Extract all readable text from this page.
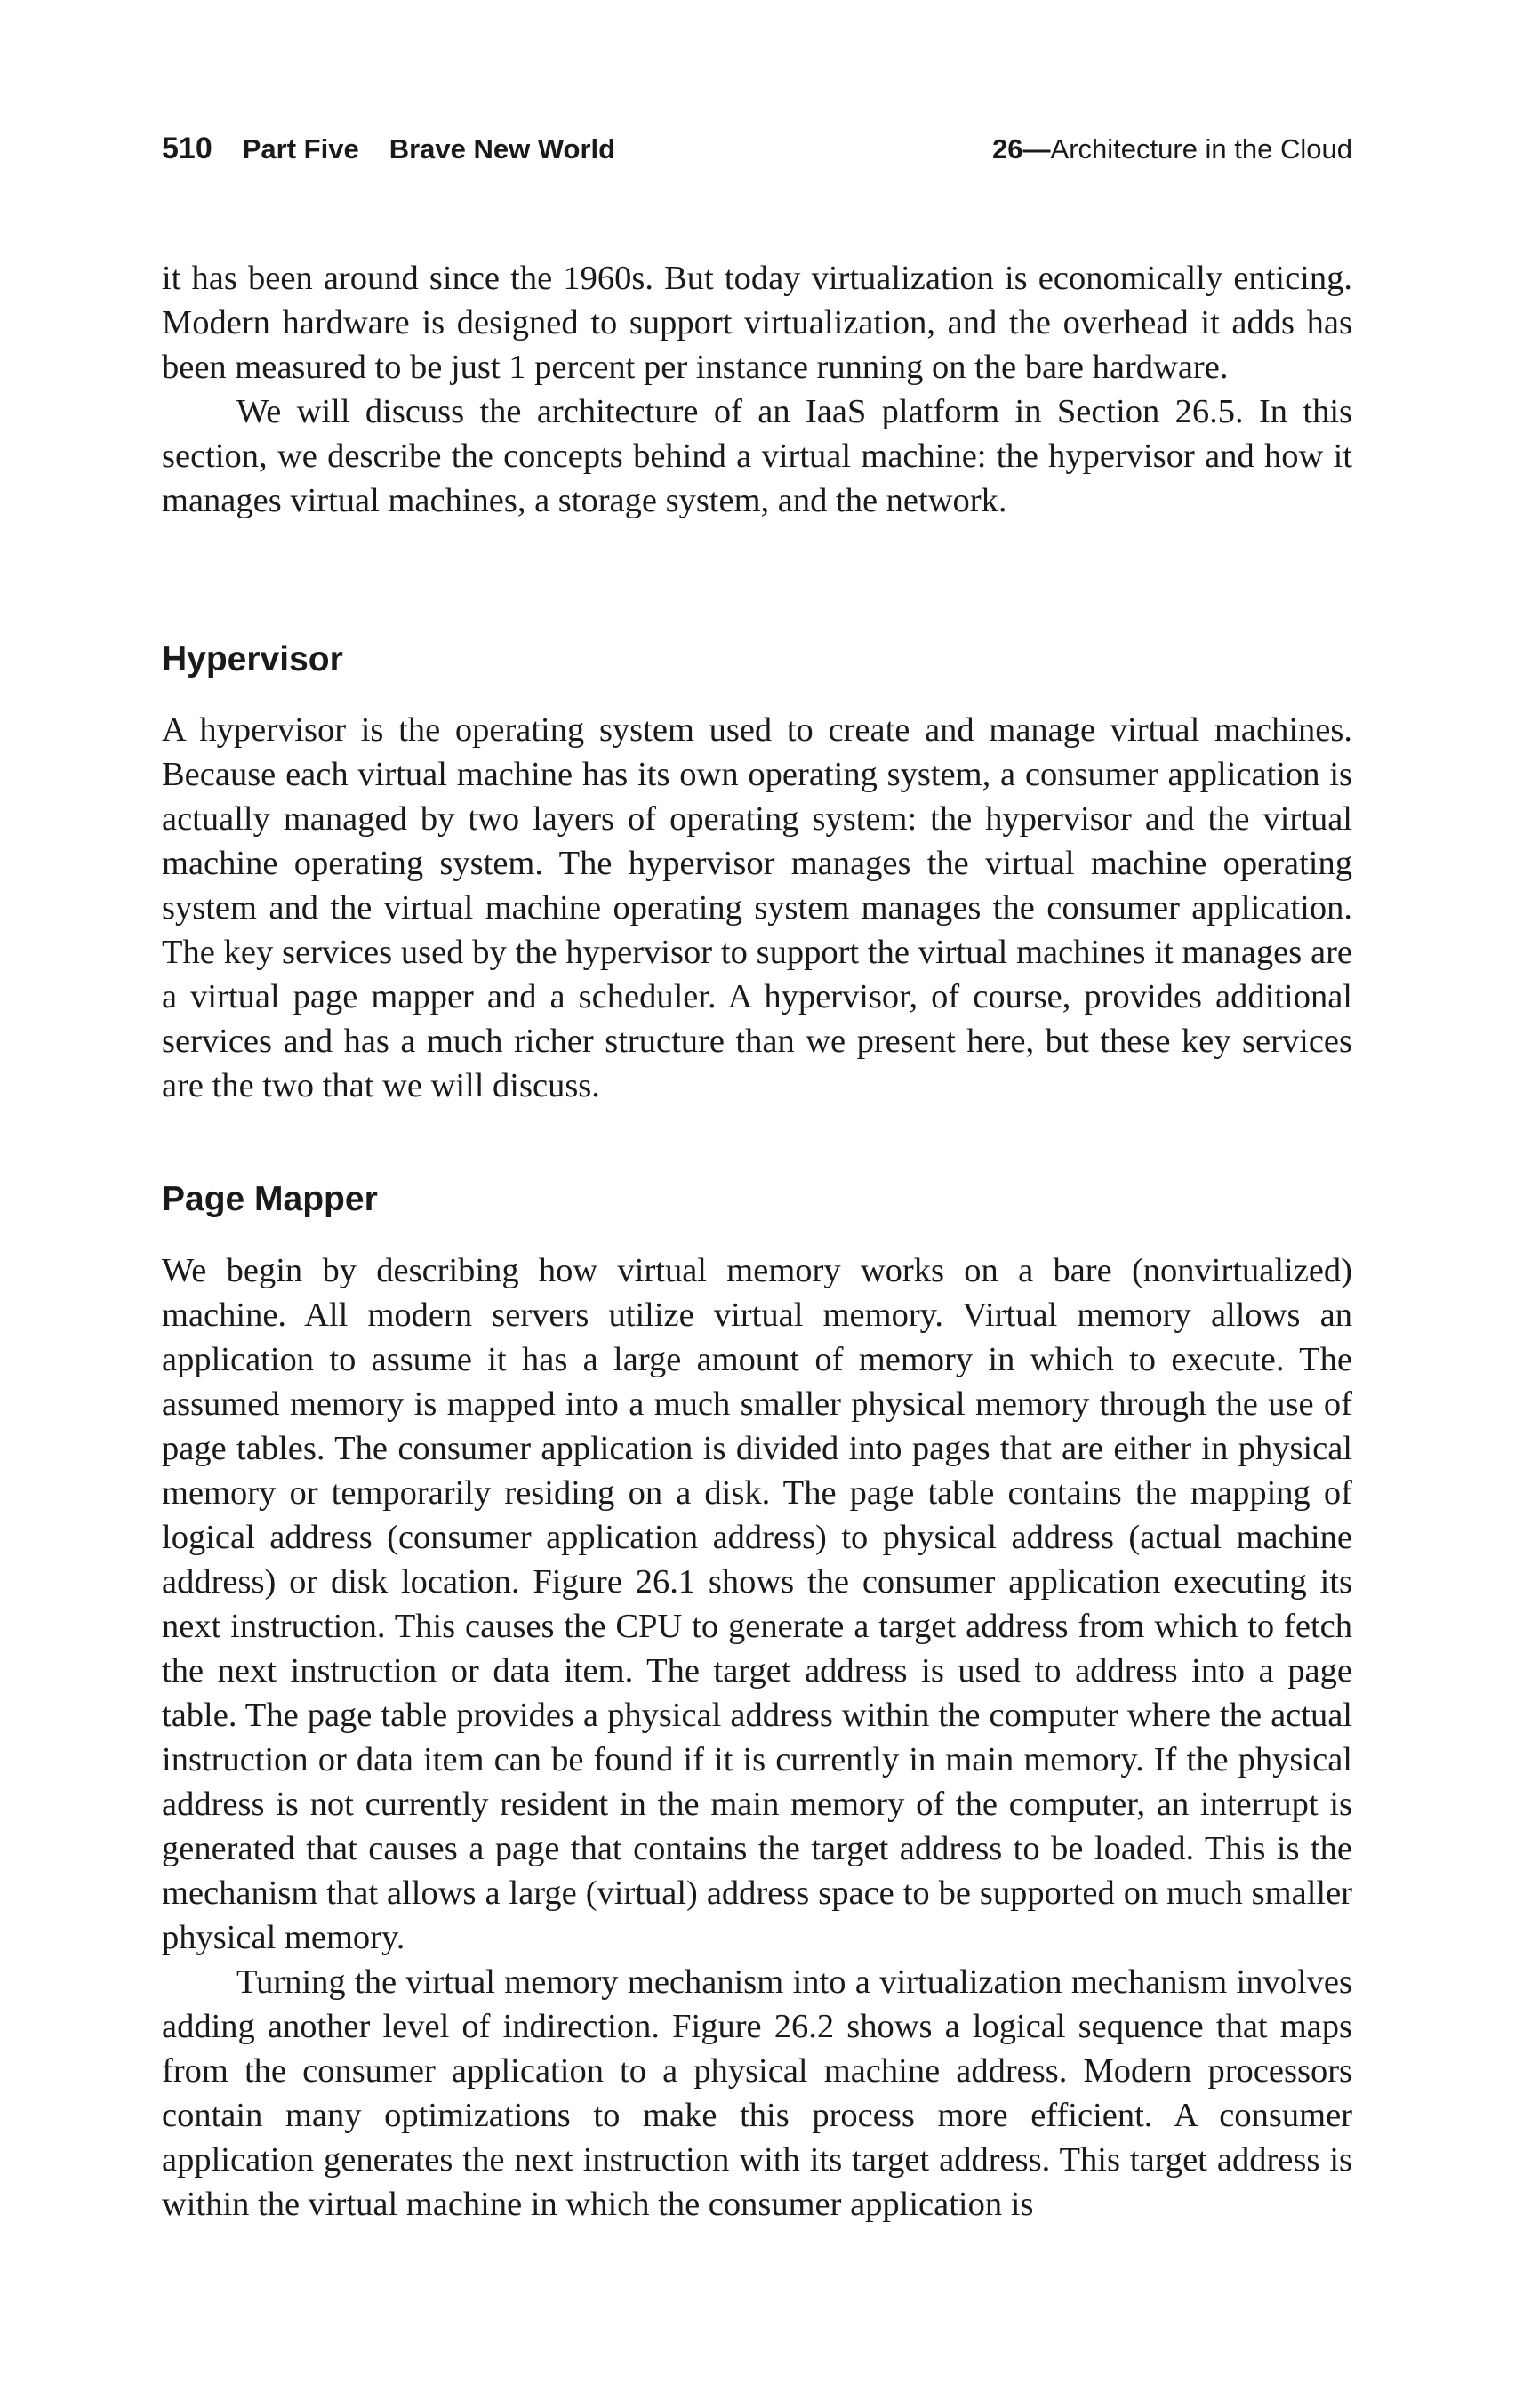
510 Part Five Brave New World	26 — Architecture in the Cloud

it has been around since the 1960s. But today virtualization is economically enticing. Modern hardware is designed to support virtualization, and the overhead it adds has been measured to be just 1 percent per instance running on the bare hardware.

We will discuss the architecture of an IaaS platform in Section 26.5. In this section, we describe the concepts behind a virtual machine: the hypervisor and how it manages virtual machines, a storage system, and the network.

Hypervisor

A hypervisor is the operating system used to create and manage virtual machines. Because each virtual machine has its own operating system, a consumer application is actually managed by two layers of operating system: the hypervisor and the virtual machine operating system. The hypervisor manages the virtual machine operating system and the virtual machine operating system manages the consumer application. The key services used by the hypervisor to support the virtual machines it manages are a virtual page mapper and a scheduler. A hypervisor, of course, provides additional services and has a much richer structure than we present here, but these key services are the two that we will discuss.

Page Mapper

We begin by describing how virtual memory works on a bare (nonvirtualized) machine. All modern servers utilize virtual memory. Virtual memory allows an application to assume it has a large amount of memory in which to execute. The assumed memory is mapped into a much smaller physical memory through the use of page tables. The consumer application is divided into pages that are either in physical memory or temporarily residing on a disk. The page table contains the mapping of logical address (consumer application address) to physical address (actual machine address) or disk location. Figure 26.1 shows the consumer application executing its next instruction. This causes the CPU to generate a target address from which to fetch the next instruction or data item. The target address is used to address into a page table. The page table provides a physical address within the computer where the actual instruction or data item can be found if it is currently in main memory. If the physical address is not currently resident in the main memory of the computer, an interrupt is generated that causes a page that contains the target address to be loaded. This is the mechanism that allows a large (virtual) address space to be supported on much smaller physical memory.

Turning the virtual memory mechanism into a virtualization mechanism involves adding another level of indirection. Figure 26.2 shows a logical sequence that maps from the consumer application to a physical machine address. Modern processors contain many optimizations to make this process more efficient. A consumer application generates the next instruction with its target address. This target address is within the virtual machine in which the consumer application is
